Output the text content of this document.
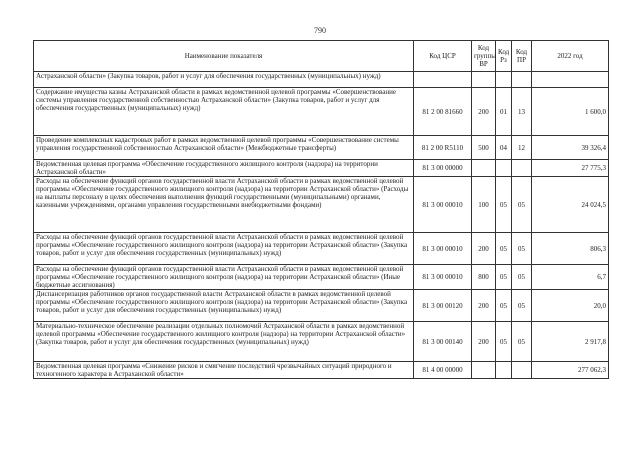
790
Наименование показателя	Код ЦСР	Код группы ВР	Код Рз	Код ПР	2022 год
Астраханской области» (Закупка товаров, работ и услуг для обеспечения государственных (муниципальных) нужд)					
Содержание имущества казны Астраханской области в рамках ведомственной целевой программы «Совершенствование системы управления государственной собственностью Астраханской области» (Закупка товаров, работ и услуг для обеспечения государственных (муниципальных) нужд)	81 2 00 81660	200	01	13	1 600,0
Проведение комплексных кадастровых работ в рамках ведомственной целевой программы «Совершенствование системы управления государственной собственностью Астраханской области» (Межбюджетные трансферты)	81 2 00 R5110	500	04	12	39 326,4
Ведомственная целевая программа «Обеспечение государственного жилищного контроля (надзора) на территории Астраханской области»	81 3 00 00000				27 775,3
Расходы на обеспечение функций органов государственной власти Астраханской области в рамках ведомственной целевой программы «Обеспечение государственного жилищного контроля (надзора) на территории Астраханской области» (Расходы на выплаты персоналу в целях обеспечения выполнения функций государственными (муниципальными) органами, казенными учреждениями, органами управления государственными внебюджетными фондами)	81 3 00 00010	100	05	05	24 024,5
Расходы на обеспечение функций органов государственной власти Астраханской области в рамках ведомственной целевой программы «Обеспечение государственного жилищного контроля (надзора) на территории Астраханской области» (Закупка товаров, работ и услуг для обеспечения государственных (муниципальных) нужд)	81 3 00 00010	200	05	05	806,3
Расходы на обеспечение функций органов государственной власти Астраханской области в рамках ведомственной целевой программы «Обеспечение государственного жилищного контроля (надзора) на территории Астраханской области» (Иные бюджетные ассигнования)	81 3 00 00010	800	05	05	6,7
Диспансеризация работников органов государственной власти Астраханской области в рамках ведомственной целевой программы «Обеспечение государственного жилищного контроля (надзора) на территории Астраханской области» (Закупка товаров, работ и услуг для обеспечения государственных (муниципальных) нужд)	81 3 00 00120	200	05	05	20,0
Материально-техническое обеспечение реализации отдельных полномочий Астраханской области в рамках ведомственной целевой программы «Обеспечение государственного жилищного контроля (надзора) на территории Астраханской области» (Закупка товаров, работ и услуг для обеспечения государственных (муниципальных) нужд)	81 3 00 00140	200	05	05	2 917,8
Ведомственная целевая программа «Снижение рисков и смягчение последствий чрезвычайных ситуаций природного и техногенного характера в Астраханской области»	81 4 00 00000				277 062,3
